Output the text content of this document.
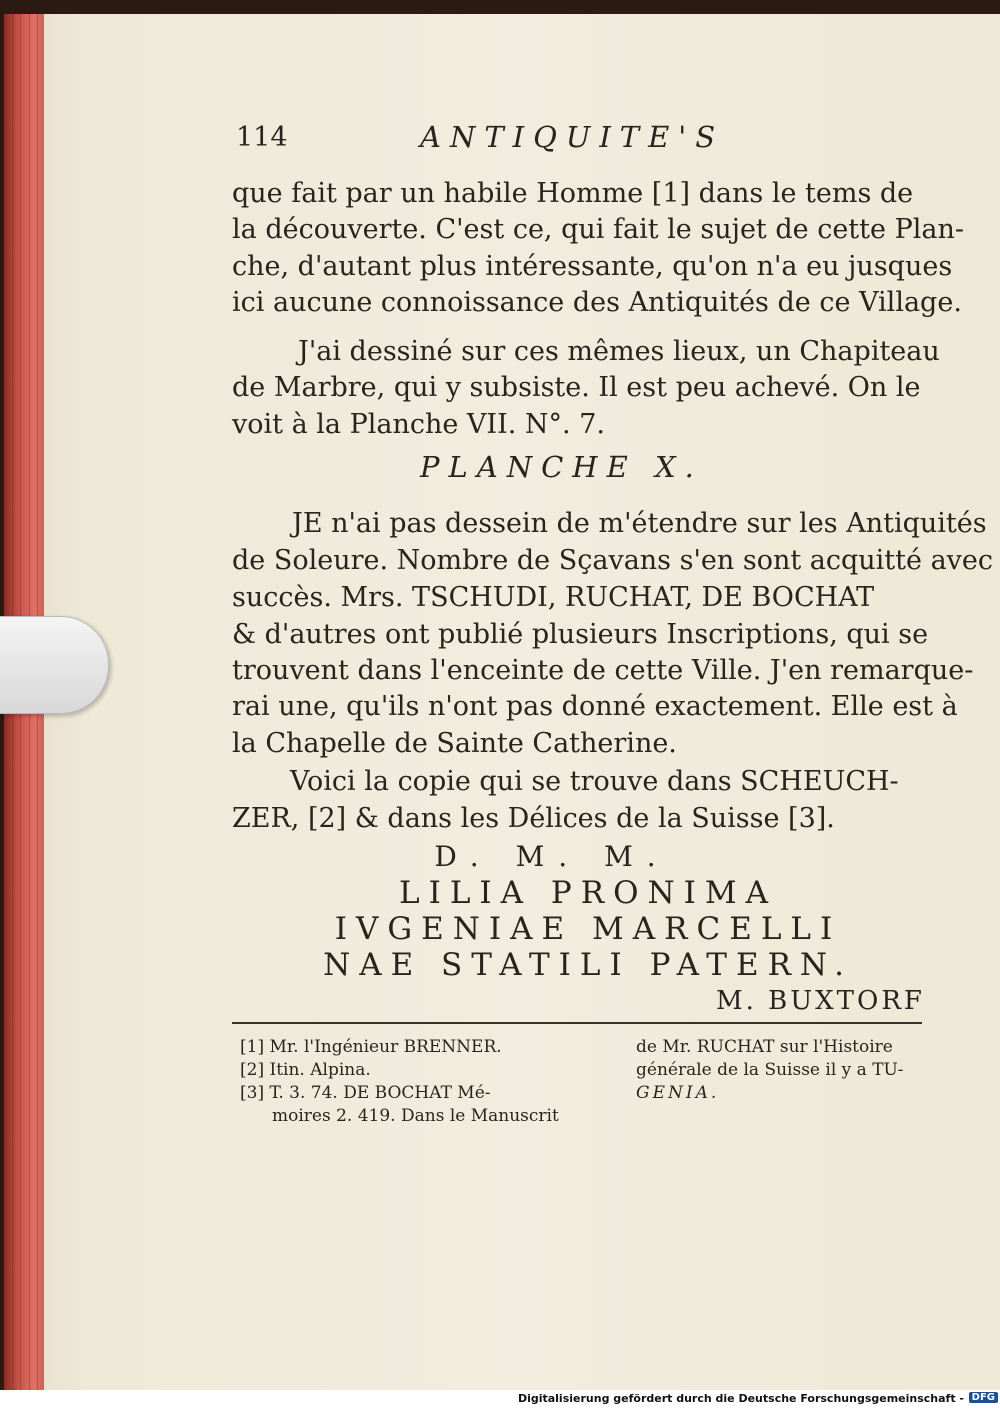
114	ANTIQUITE'S
que fait par un habile Homme [1] dans le tems de
la découverte. C'est ce, qui fait le sujet de cette Plan-
che, d'autant plus intéressante, qu'on n'a eu jusques
ici aucune connoissance des Antiquités de ce Village.
J'ai dessiné sur ces mêmes lieux, un Chapiteau
de Marbre, qui y subsiste. Il est peu achevé. On le
voit à la Planche VII. N°. 7.
PLANCHE X.
JE n'ai pas dessein de m'étendre sur les Antiquités
de Soleure. Nombre de Sçavans s'en sont acquitté avec
succès. Mrs. TSCHUDI, RUCHAT, DE BOCHAT
& d'autres ont publié plusieurs Inscriptions, qui se
trouvent dans l'enceinte de cette Ville. J'en remarque-
rai une, qu'ils n'ont pas donné exactement. Elle est à
la Chapelle de Sainte Catherine.
Voici la copie qui se trouve dans SCHEUCH-
ZER, [2] & dans les Délices de la Suisse [3].
D. M. M.
LILIA PRONIMA
IVGENIAE MARCELLI
NAE STATILI PATERN.
M. BUXTORF
[1] Mr. l'Ingénieur BRENNER.
[2] Itin. Alpina.
[3] T. 3. 74. DE BOCHAT Mé-
moires 2. 419. Dans le Manuscrit
de Mr. RUCHAT sur l'Histoire
générale de la Suisse il y a TU-
GENIA.
Digitalisierung gefördert durch die Deutsche Forschungsgemeinschaft - DFG
